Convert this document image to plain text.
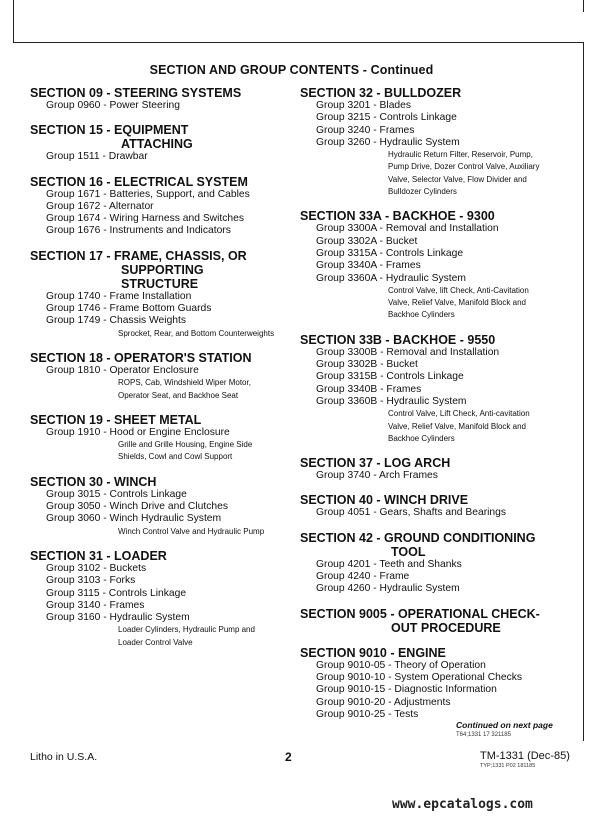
SECTION AND GROUP CONTENTS - Continued
SECTION 09 - STEERING SYSTEMS
Group 0960 - Power Steering
SECTION 15 - EQUIPMENT
ATTACHING
Group 1511 - Drawbar
SECTION 16 - ELECTRICAL SYSTEM
Group 1671 - Batteries, Support, and Cables
Group 1672 - Alternator
Group 1674 - Wiring Harness and Switches
Group 1676 - Instruments and Indicators
SECTION 17 - FRAME, CHASSIS, OR
SUPPORTING
STRUCTURE
Group 1740 - Frame Installation
Group 1746 - Frame Bottom Guards
Group 1749 - Chassis Weights
Sprocket, Rear, and Bottom Counterweights
SECTION 18 - OPERATOR'S STATION
Group 1810 - Operator Enclosure
ROPS, Cab, Windshield Wiper Motor,
Operator Seat, and Backhoe Seat
SECTION 19 - SHEET METAL
Group 1910 - Hood or Engine Enclosure
Grille and Grille Housing, Engine Side
Shields, Cowl and Cowl Support
SECTION 30 - WINCH
Group 3015 - Controls Linkage
Group 3050 - Winch Drive and Clutches
Group 3060 - Winch Hydraulic System
Winch Control Valve and Hydraulic Pump
SECTION 31 - LOADER
Group 3102 - Buckets
Group 3103 - Forks
Group 3115 - Controls Linkage
Group 3140 - Frames
Group 3160 - Hydraulic System
Loader Cylinders, Hydraulic Pump and
Loader Control Valve
SECTION 32 - BULLDOZER
Group 3201 - Blades
Group 3215 - Controls Linkage
Group 3240 - Frames
Group 3260 - Hydraulic System
Hydraulic Return Filter, Reservoir, Pump,
Pump Drive, Dozer Control Valve, Auxiliary
Valve, Selector Valve, Flow Divider and
Bulldozer Cylinders
SECTION 33A - BACKHOE - 9300
Group 3300A - Removal and Installation
Group 3302A - Bucket
Group 3315A - Controls Linkage
Group 3340A - Frames
Group 3360A - Hydraulic System
Control Valve, lift Check, Anti-Cavitation
Valve, Relief Valve, Manifold Block and
Backhoe Cylinders
SECTION 33B - BACKHOE - 9550
Group 3300B - Removal and Installation
Group 3302B - Bucket
Group 3315B - Controls Linkage
Group 3340B - Frames
Group 3360B - Hydraulic System
Control Valve, Lift Check, Anti-cavitation
Valve, Relief Valve, Manifold Block and
Backhoe Cylinders
SECTION 37 - LOG ARCH
Group 3740 - Arch Frames
SECTION 40 - WINCH DRIVE
Group 4051 - Gears, Shafts and Bearings
SECTION 42 - GROUND CONDITIONING
TOOL
Group 4201 - Teeth and Shanks
Group 4240 - Frame
Group 4260 - Hydraulic System
SECTION 9005 - OPERATIONAL CHECK-
OUT PROCEDURE
SECTION 9010 - ENGINE
Group 9010-05 - Theory of Operation
Group 9010-10 - System Operational Checks
Group 9010-15 - Diagnostic Information
Group 9010-20 - Adjustments
Group 9010-25 - Tests
Continued on next page
T64;1331 17 321185
Litho in U.S.A.	2	TM-1331 (Dec-85)
TYP;1331 P02 181185
www.epcatalogs.com
